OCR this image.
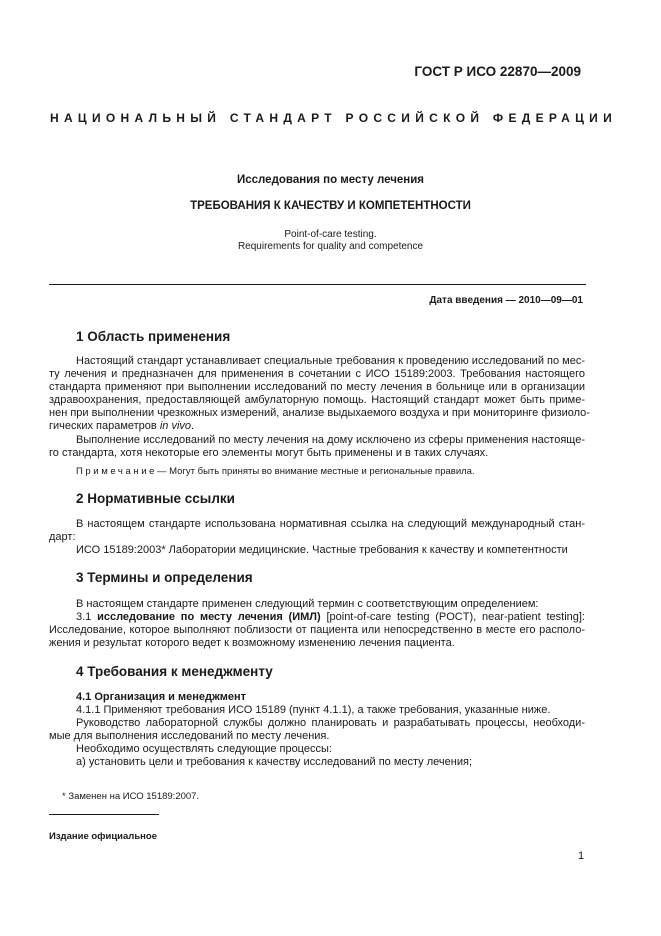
ГОСТ Р ИСО 22870—2009
НАЦИОНАЛЬНЫЙ СТАНДАРТ РОССИЙСКОЙ ФЕДЕРАЦИИ
Исследования по месту лечения
ТРЕБОВАНИЯ К КАЧЕСТВУ И КОМПЕТЕНТНОСТИ
Point-of-care testing.
Requirements for quality and competence
Дата введения — 2010—09—01
1 Область применения
Настоящий стандарт устанавливает специальные требования к проведению исследований по мес-
ту лечения и предназначен для применения в сочетании с ИСО 15189:2003. Требования настоящего
стандарта применяют при выполнении исследований по месту лечения в больнице или в организации
здравоохранения, предоставляющей амбулаторную помощь. Настоящий стандарт может быть приме-
нен при выполнении чрезкожных измерений, анализе выдыхаемого воздуха и при мониторинге физиоло-
гических параметров in vivo.
Выполнение исследований по месту лечения на дому исключено из сферы применения настояще-
го стандарта, хотя некоторые его элементы могут быть применены и в таких случаях.
Примечание— Могут быть приняты во внимание местные и региональные правила.
2 Нормативные ссылки
В настоящем стандарте использована нормативная ссылка на следующий международный стан-
дарт:
ИСО 15189:2003* Лаборатории медицинские. Частные требования к качеству и компетентности
3 Термины и определения
В настоящем стандарте применен следующий термин с соответствующим определением:
3.1 исследование по месту лечения (ИМЛ) [point-of-care testing (POCT), near-patient testing]:
Исследование, которое выполняют поблизости от пациента или непосредственно в месте его располо-
жения и результат которого ведет к возможному изменению лечения пациента.
4 Требования к менеджменту
4.1 Организация и менеджмент
4.1.1 Применяют требования ИСО 15189 (пункт 4.1.1), а также требования, указанные ниже.
Руководство лабораторной службы должно планировать и разрабатывать процессы, необходи-
мые для выполнения исследований по месту лечения.
Необходимо осуществлять следующие процессы:
а) установить цели и требования к качеству исследований по месту лечения;
* Заменен на ИСО 15189:2007.
Издание официальное
1
